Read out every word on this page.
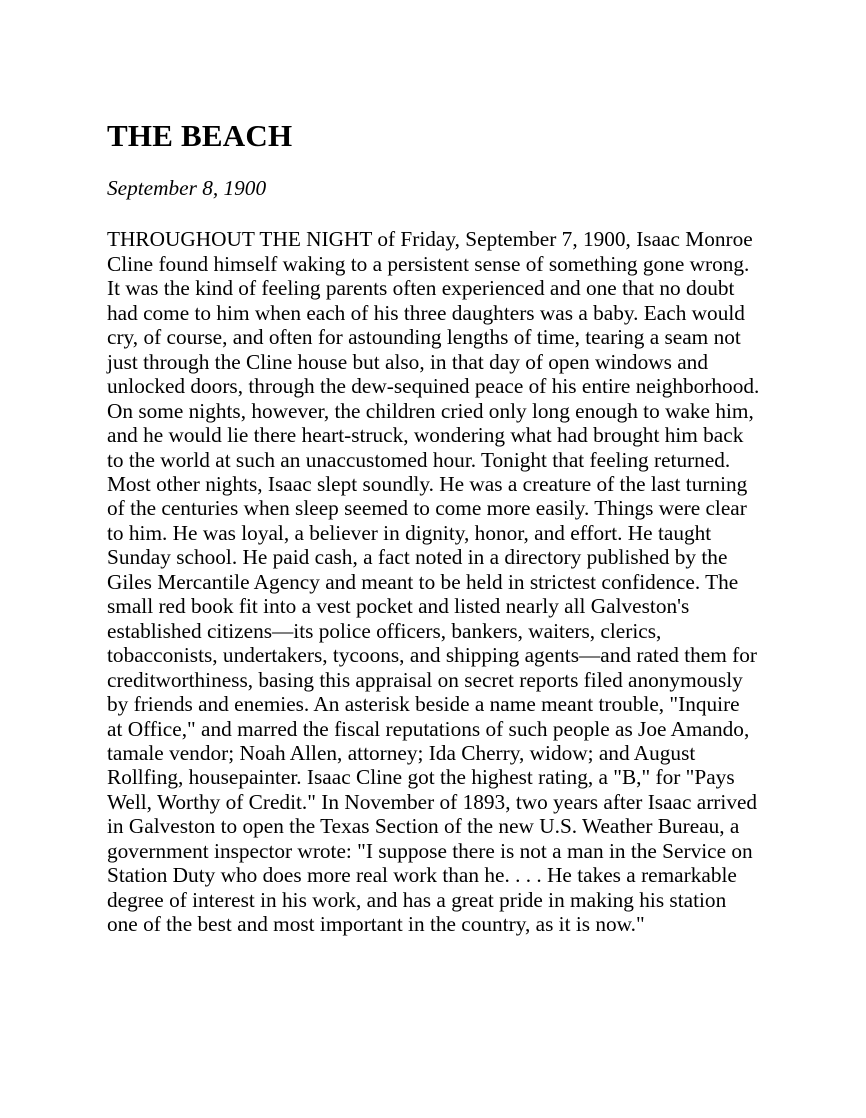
THE BEACH

September 8, 1900

THROUGHOUT THE NIGHT of Friday, September 7, 1900, Isaac Monroe Cline found himself waking to a persistent sense of something gone wrong. It was the kind of feeling parents often experienced and one that no doubt had come to him when each of his three daughters was a baby. Each would cry, of course, and often for astounding lengths of time, tearing a seam not just through the Cline house but also, in that day of open windows and unlocked doors, through the dew-sequined peace of his entire neighborhood. On some nights, however, the children cried only long enough to wake him, and he would lie there heart-struck, wondering what had brought him back to the world at such an unaccustomed hour. Tonight that feeling returned. Most other nights, Isaac slept soundly. He was a creature of the last turning of the centuries when sleep seemed to come more easily. Things were clear to him. He was loyal, a believer in dignity, honor, and effort. He taught Sunday school. He paid cash, a fact noted in a directory published by the Giles Mercantile Agency and meant to be held in strictest confidence. The small red book fit into a vest pocket and listed nearly all Galveston's established citizens—its police officers, bankers, waiters, clerics, tobacconists, undertakers, tycoons, and shipping agents—and rated them for creditworthiness, basing this appraisal on secret reports filed anonymously by friends and enemies. An asterisk beside a name meant trouble, "Inquire at Office," and marred the fiscal reputations of such people as Joe Amando, tamale vendor; Noah Allen, attorney; Ida Cherry, widow; and August Rollfing, housepainter. Isaac Cline got the highest rating, a "B," for "Pays Well, Worthy of Credit." In November of 1893, two years after Isaac arrived in Galveston to open the Texas Section of the new U.S. Weather Bureau, a government inspector wrote: "I suppose there is not a man in the Service on Station Duty who does more real work than he. . . . He takes a remarkable degree of interest in his work, and has a great pride in making his station one of the best and most important in the country, as it is now."
